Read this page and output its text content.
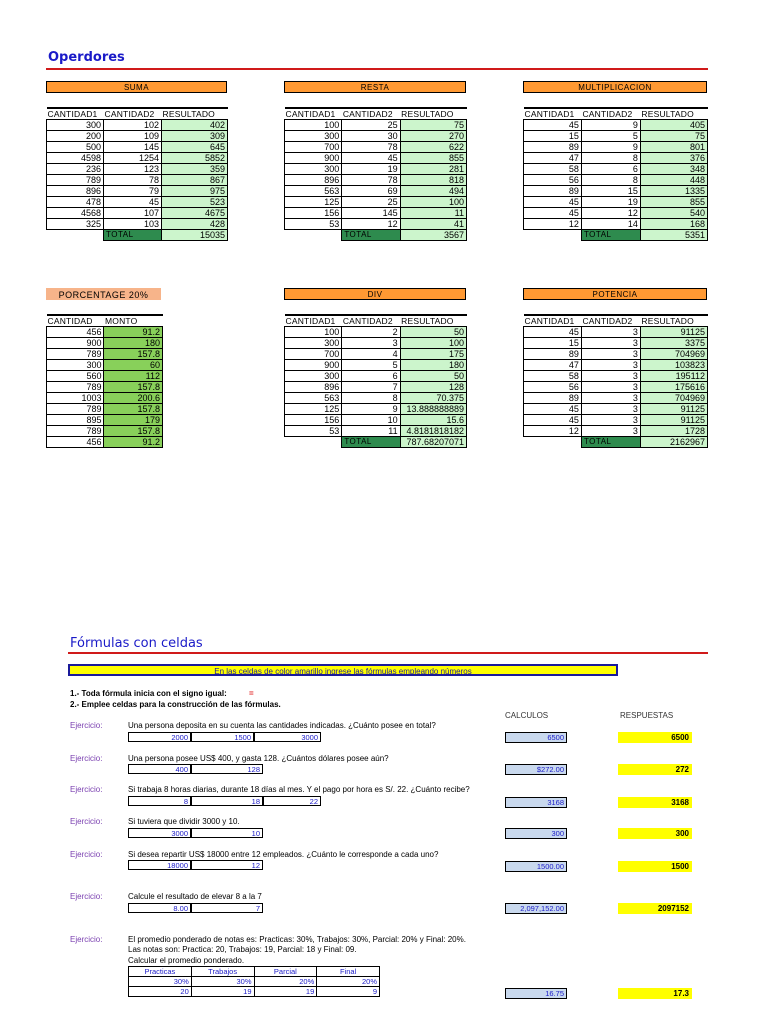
Operdores
SUMA	RESTA	MULTIPLICACION
CANTIDAD1	CANTIDAD2	RESULTADO
300	102	402
200	109	309
500	145	645
4598	1254	5852
236	123	359
789	78	867
896	79	975
478	45	523
4568	107	4675
325	103	428
	TOTAL	15035
CANTIDAD1	CANTIDAD2	RESULTADO
100	25	75
300	30	270
700	78	622
900	45	855
300	19	281
896	78	818
563	69	494
125	25	100
156	145	11
53	12	41
	TOTAL	3567
CANTIDAD1	CANTIDAD2	RESULTADO
45	9	405
15	5	75
89	9	801
47	8	376
58	6	348
56	8	448
89	15	1335
45	19	855
45	12	540
12	14	168
	TOTAL	5351
PORCENTAGE 20%	DIV	POTENCIA
CANTIDAD	MONTO
456	91.2
900	180
789	157.8
300	60
560	112
789	157.8
1003	200.6
789	157.8
895	179
789	157.8
456	91.2
CANTIDAD1	CANTIDAD2	RESULTADO
100	2	50
300	3	100
700	4	175
900	5	180
300	6	50
896	7	128
563	8	70.375
125	9	13.888888889
156	10	15.6
53	11	4.8181818182
	TOTAL	787.68207071
CANTIDAD1	CANTIDAD2	RESULTADO
45	3	91125
15	3	3375
89	3	704969
47	3	103823
58	3	195112
56	3	175616
89	3	704969
45	3	91125
45	3	91125
12	3	1728
	TOTAL	2162967
Fórmulas con celdas
En las celdas de color amarillo ingrese las fórmulas empleando números
1.- Toda fórmula inicia con el signo igual:	=
2.- Emplee celdas para la construcción de las fórmulas.
CALCULOS	RESPUESTAS
Ejercicio:	Una persona deposita en su cuenta las cantidades indicadas. ¿Cuánto posee en total?
2000	1500	3000	6500	6500
Ejercicio:	Una persona posee US$ 400, y gasta 128. ¿Cuántos dólares posee aún?
400	128	$272.00	272
Ejercicio:	Si trabaja 8 horas diarias, durante 18 días al mes. Y el pago por hora es S/. 22. ¿Cuánto recibe?
8	18	22	3168	3168
Ejercicio:	Si tuviera que dividir 3000 y 10.
3000	10	300	300
Ejercicio:	Si desea repartir US$ 18000 entre 12 empleados. ¿Cuánto le corresponde a cada uno?
18000	12	1500.00	1500
Ejercicio:	Calcule el resultado de elevar 8 a la 7
8.00	7	2,097,152.00	2097152
Ejercicio:	El promedio ponderado de notas es: Practicas: 30%, Trabajos: 30%, Parcial: 20% y Final: 20%.
Las notas son: Practica: 20, Trabajos: 19, Parcial: 18 y Final: 09.
Calcular el promedio ponderado.
Practicas	Trabajos	Parcial	Final
30%	30%	20%	20%
20	19	19	9	16.75	17.3
